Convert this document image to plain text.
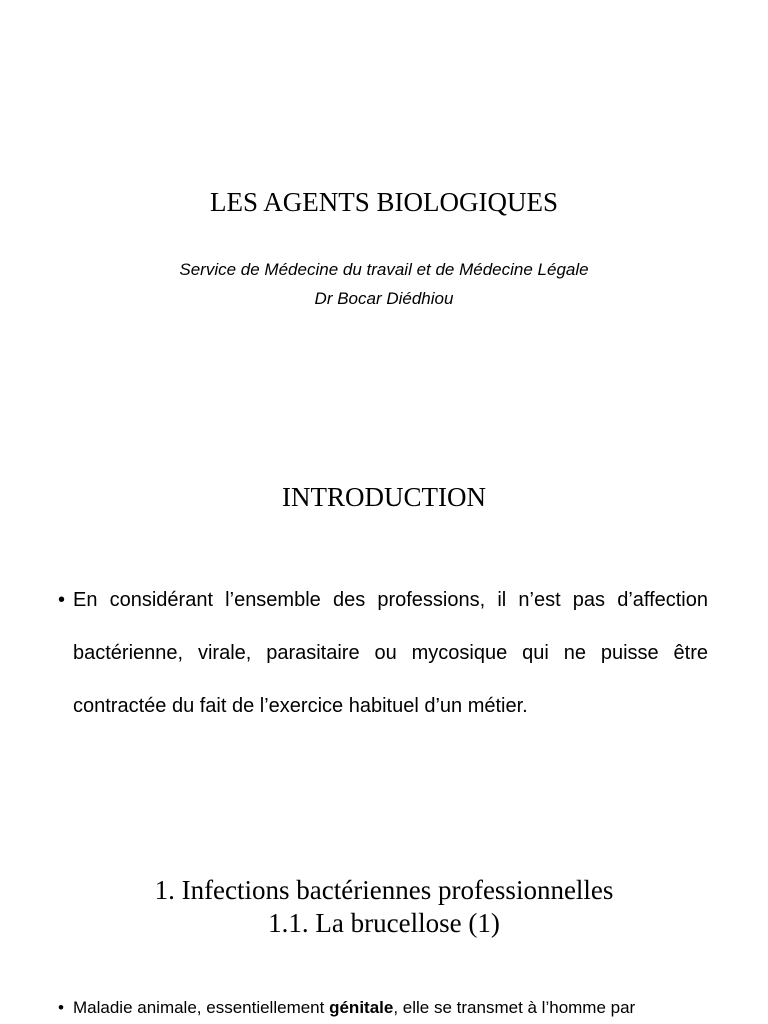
LES AGENTS BIOLOGIQUES
Service de Médecine du travail et de Médecine Légale
Dr Bocar Diédhiou
INTRODUCTION
• En considérant l’ensemble des professions, il n’est pas d’affection bactérienne, virale, parasitaire ou mycosique qui ne puisse être contractée du fait de l’exercice habituel d’un métier.
1. Infections bactériennes professionnelles
1.1. La brucellose (1)
• Maladie animale, essentiellement génitale, elle se transmet à l’homme par
